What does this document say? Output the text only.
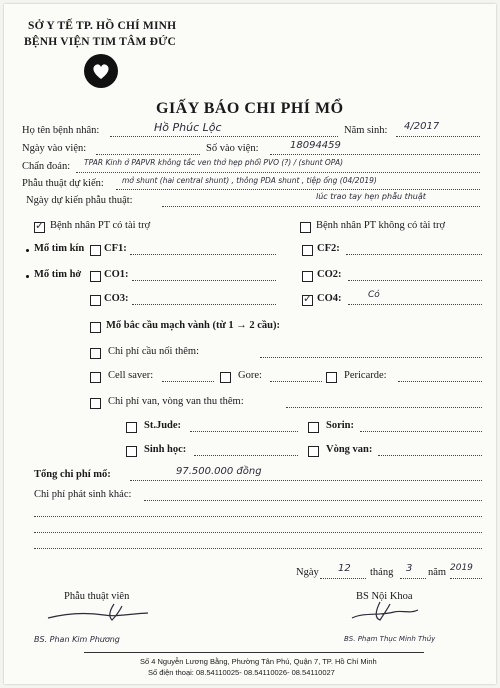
SỞ Y TẾ TP. HỒ CHÍ MINH
BỆNH VIỆN TIM TÂM ĐỨC
GIẤY BÁO CHI PHÍ MỔ
Họ tên bệnh nhân:	Hồ Phúc Lộc	Năm sinh: 4/2017
Ngày vào viện:	Số vào viện:	18094459
Chẩn đoán: TPAR Kinh ở PAPVR không tắc ven thở hẹp phổi PVO (?) / (shunt OPA)
Phẫu thuật dự kiến: mở shunt (hai central shunt) , thông PDA shunt , tiệp ống (04/2019)
Ngày dự kiến phẫu thuật:	lúc trao tay hẹn phẫu thuật
✓
Bệnh nhân PT có tài trợ	Bệnh nhân PT không có tài trợ
Mổ tim kín CF1:	CF2:
Mổ tim hở CO1:	CO2:
CO3:
✓	CO4:	Có
Mổ bắc cầu mạch vành (từ 1 → 2 cầu):
Chi phí cầu nối thêm:
Cell saver:	Gore:	Pericarde:
Chi phí van, vòng van thu thêm:
St.Jude:	Sorin:
Sinh học:	Vòng van:
Tổng chi phí mổ:	97.500.000 đồng
Chi phí phát sinh khác:
Ngày 12 tháng 3 năm 2019
Phẫu thuật viên	BS Nội Khoa
BS. Phan Kim Phương	BS. Phạm Thục Minh Thủy
Số 4 Nguyễn Lương Bằng, Phường Tân Phú, Quận 7, TP. Hồ Chí Minh
Số điện thoại: 08.54110025- 08.54110026- 08.54110027
